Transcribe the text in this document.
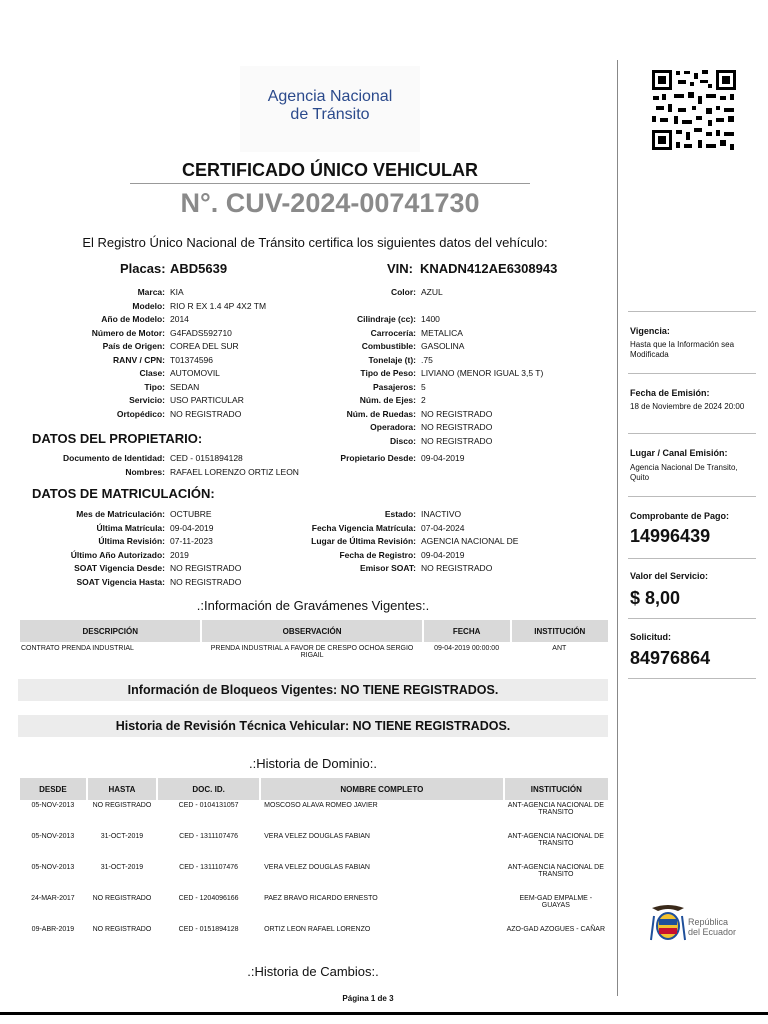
Agencia Nacional
de Tránsito
CERTIFICADO ÚNICO VEHICULAR
N°. CUV-2024-00741730
El Registro Único Nacional de Tránsito certifica los siguientes datos del vehículo:
Placas: ABD5639	VIN: KNADN412AE6308943
Marca: KIA
Modelo: RIO R EX 1.4 4P 4X2 TM
Año de Modelo: 2014
Número de Motor: G4FADS592710
País de Origen: COREA DEL SUR
RANV / CPN: T01374596
Clase: AUTOMOVIL
Tipo: SEDAN
Servicio: USO PARTICULAR
Ortopédico: NO REGISTRADO
Color: AZUL
Cilindraje (cc): 1400
Carrocería: METALICA
Combustible: GASOLINA
Tonelaje (t): .75
Tipo de Peso: LIVIANO (MENOR IGUAL 3,5 T)
Pasajeros: 5
Núm. de Ejes: 2
Núm. de Ruedas: NO REGISTRADO
Operadora: NO REGISTRADO
Disco: NO REGISTRADO
DATOS DEL PROPIETARIO:
Documento de Identidad: CED - 0151894128
Nombres: RAFAEL LORENZO ORTIZ LEON
Propietario Desde: 09-04-2019
DATOS DE MATRICULACIÓN:
Mes de Matriculación: OCTUBRE
Última Matrícula: 09-04-2019
Última Revisión: 07-11-2023
Último Año Autorizado: 2019
SOAT Vigencia Desde: NO REGISTRADO
SOAT Vigencia Hasta: NO REGISTRADO
Estado: INACTIVO
Fecha Vigencia Matrícula: 07-04-2024
Lugar de Última Revisión: AGENCIA NACIONAL DE
Fecha de Registro: 09-04-2019
Emisor SOAT: NO REGISTRADO
.:Información de Gravámenes Vigentes:.
DESCRIPCIÓN	OBSERVACIÓN	FECHA	INSTITUCIÓN
CONTRATO PRENDA INDUSTRIAL	PRENDA INDUSTRIAL A FAVOR DE CRESPO OCHOA SERGIO RIGAIL	09-04-2019 00:00:00	ANT
Información de Bloqueos Vigentes: NO TIENE REGISTRADOS.
Historia de Revisión Técnica Vehicular: NO TIENE REGISTRADOS.
.:Historia de Dominio:.
DESDE	HASTA	DOC. ID.	NOMBRE COMPLETO	INSTITUCIÓN
05-NOV-2013	NO REGISTRADO	CED - 0104131057	MOSCOSO ALAVA ROMEO JAVIER	ANT-AGENCIA NACIONAL DE TRANSITO
05-NOV-2013	31-OCT-2019	CED - 1311107476	VERA VELEZ DOUGLAS FABIAN	ANT-AGENCIA NACIONAL DE TRANSITO
05-NOV-2013	31-OCT-2019	CED - 1311107476	VERA VELEZ DOUGLAS FABIAN	ANT-AGENCIA NACIONAL DE TRANSITO
24-MAR-2017	NO REGISTRADO	CED - 1204096166	PAEZ BRAVO RICARDO ERNESTO	EEM-GAD EMPALME - GUAYAS
09-ABR-2019	NO REGISTRADO	CED - 0151894128	ORTIZ LEON RAFAEL LORENZO	AZO-GAD AZOGUES - CAÑAR
.:Historia de Cambios:.
Página 1 de 3
Vigencia:
Hasta que la Información sea Modificada
Fecha de Emisión:
18 de Noviembre de 2024 20:00
Lugar / Canal Emisión:
Agencia Nacional De Transito, Quito
Comprobante de Pago:
14996439
Valor del Servicio:
$ 8,00
Solicitud:
84976864
República
del Ecuador
